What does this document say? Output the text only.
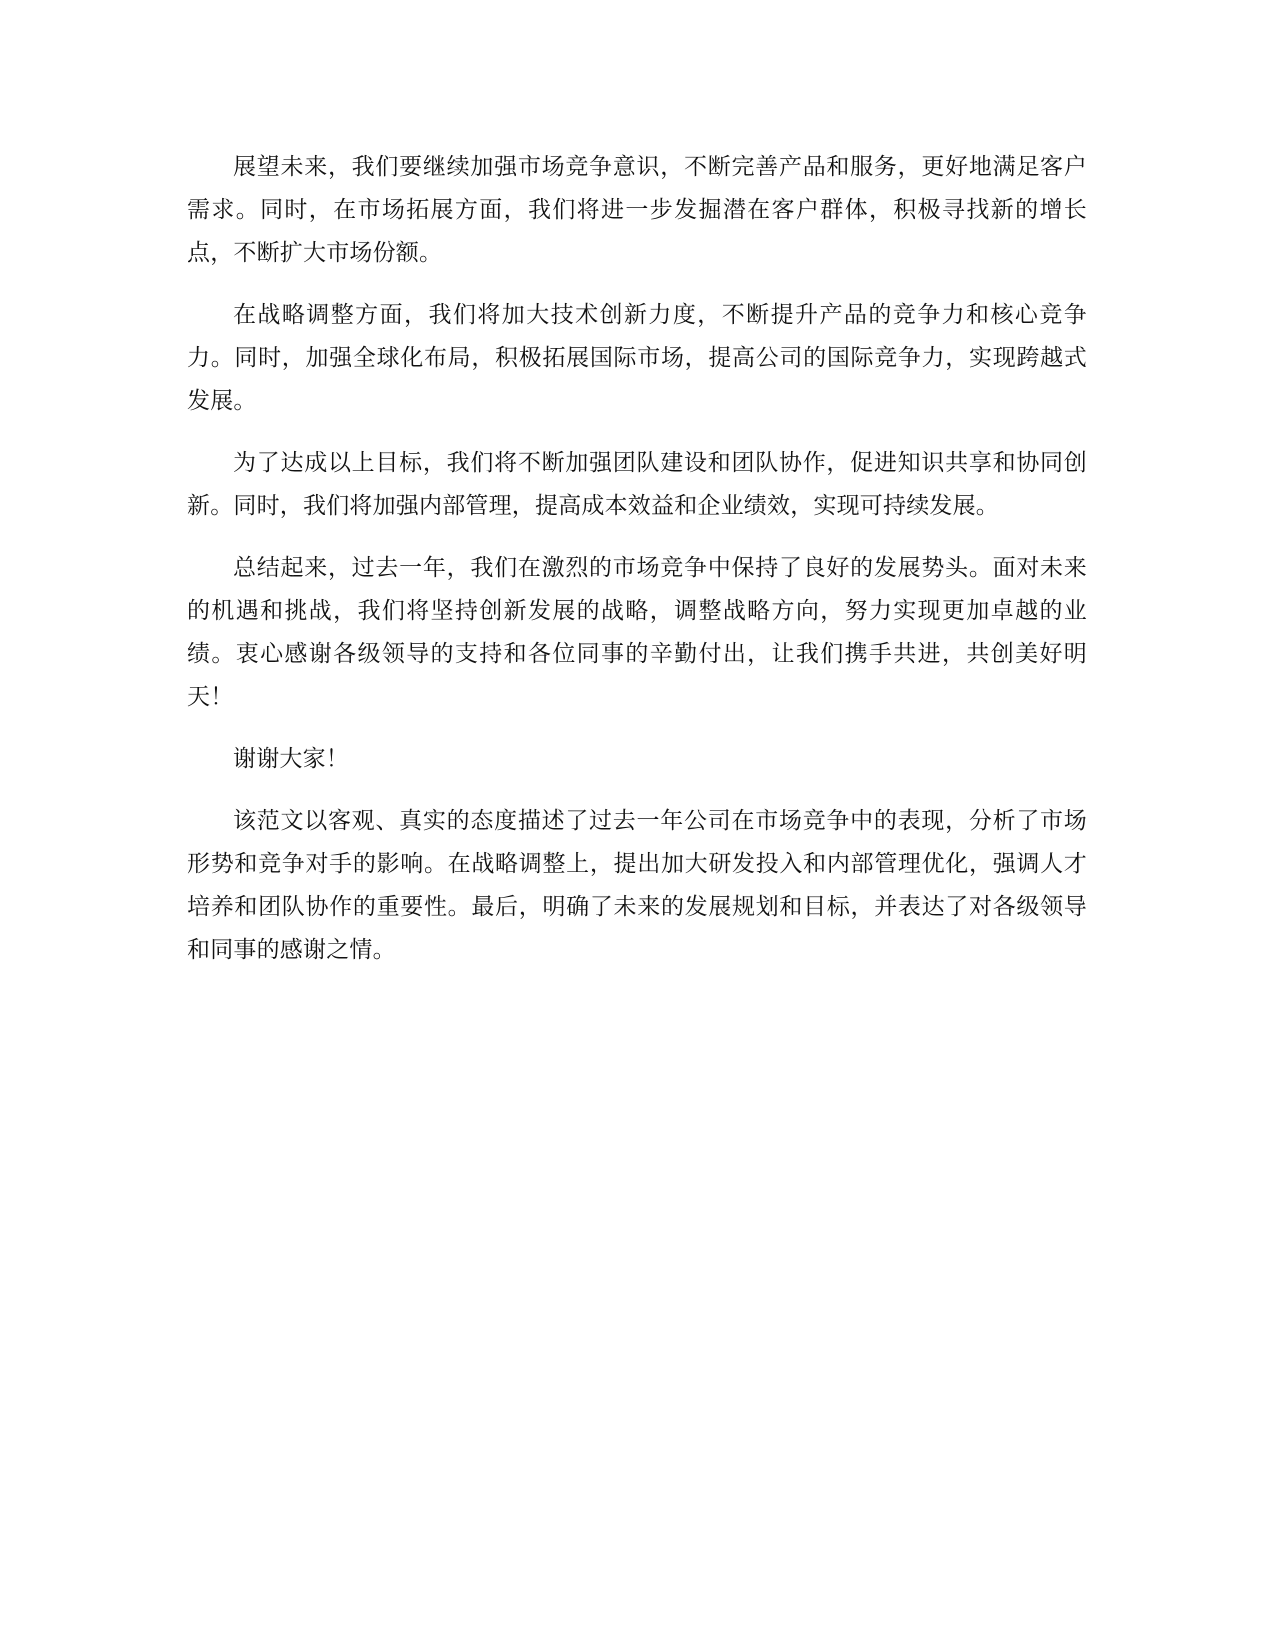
展望未来，我们要继续加强市场竞争意识，不断完善产品和服务，更好地满足客户需求。同时，在市场拓展方面，我们将进一步发掘潜在客户群体，积极寻找新的增长点，不断扩大市场份额。

在战略调整方面，我们将加大技术创新力度，不断提升产品的竞争力和核心竞争力。同时，加强全球化布局，积极拓展国际市场，提高公司的国际竞争力，实现跨越式发展。

为了达成以上目标，我们将不断加强团队建设和团队协作，促进知识共享和协同创新。同时，我们将加强内部管理，提高成本效益和企业绩效，实现可持续发展。

总结起来，过去一年，我们在激烈的市场竞争中保持了良好的发展势头。面对未来的机遇和挑战，我们将坚持创新发展的战略，调整战略方向，努力实现更加卓越的业绩。衷心感谢各级领导的支持和各位同事的辛勤付出，让我们携手共进，共创美好明天！

谢谢大家！

该范文以客观、真实的态度描述了过去一年公司在市场竞争中的表现，分析了市场形势和竞争对手的影响。在战略调整上，提出加大研发投入和内部管理优化，强调人才培养和团队协作的重要性。最后，明确了未来的发展规划和目标，并表达了对各级领导和同事的感谢之情。
